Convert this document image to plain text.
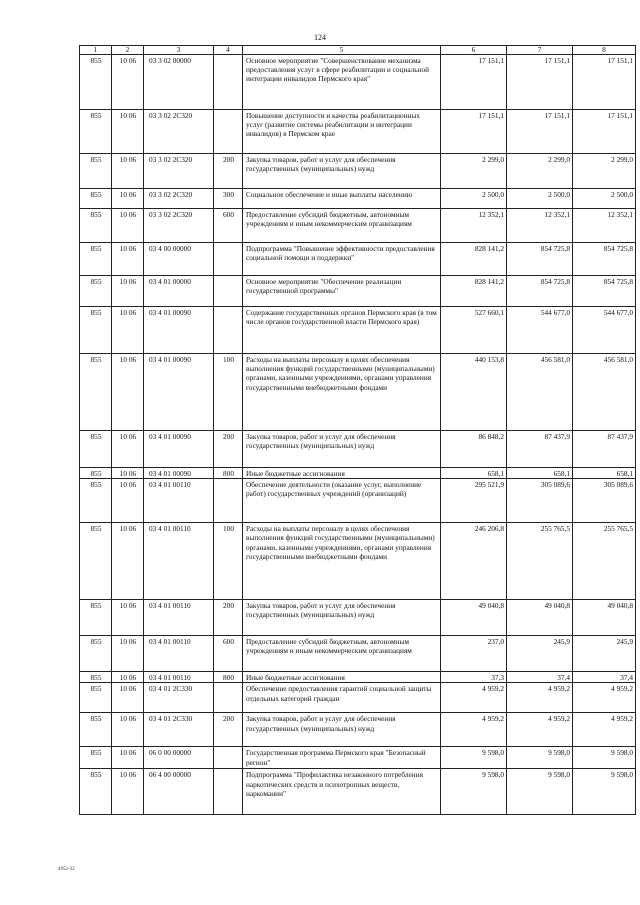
124
1	2	3	4	5	6	7	8
855	10 06	03 3 02 00000		Основное мероприятие "Совершенствование механизма предоставления услуг в сфере реабилитации и социальной интеграции инвалидов Пермского края"	17 151,1	17 151,1	17 151,1
855	10 06	03 3 02 2С320		Повышение доступности и качества реабилитационных услуг (развитие системы реабилитации и интеграции инвалидов) в Пермском крае	17 151,1	17 151,1	17 151,1
855	10 06	03 3 02 2С320	200	Закупка товаров, работ и услуг для обеспечения государственных (муниципальных) нужд	2 299,0	2 299,0	2 299,0
855	10 06	03 3 02 2С320	300	Социальное обеспечение и иные выплаты населению	2 500,0	2 500,0	2 500,0
855	10 06	03 3 02 2С320	600	Предоставление субсидий бюджетным, автономным учреждениям и иным некоммерческим организациям	12 352,1	12 352,1	12 352,1
855	10 06	03 4 00 00000		Подпрограмма "Повышение эффективности предоставления социальной помощи и поддержки"	828 141,2	854 725,8	854 725,8
855	10 06	03 4 01 00000		Основное мероприятие "Обеспечение реализации государственной программы"	828 141,2	854 725,8	854 725,8
855	10 06	03 4 01 00090		Содержание государственных органов Пермского края (в том числе органов государственной власти Пермского края)	527 660,1	544 677,0	544 677,0
855	10 06	03 4 01 00090	100	Расходы на выплаты персоналу в целях обеспечения выполнения функций государственными (муниципальными) органами, казенными учреждениями, органами управления государственными внебюджетными фондами	440 153,8	456 581,0	456 581,0
855	10 06	03 4 01 00090	200	Закупка товаров, работ и услуг для обеспечения государственных (муниципальных) нужд	86 848,2	87 437,9	87 437,9
855	10 06	03 4 01 00090	800	Иные бюджетные ассигнования	658,1	658,1	658,1
855	10 06	03 4 01 00110		Обеспечение деятельности (оказание услуг, выполнение работ) государственных учреждений (организаций)	295 521,9	305 089,6	305 089,6
855	10 06	03 4 01 00110	100	Расходы на выплаты персоналу в целях обеспечения выполнения функций государственными (муниципальными) органами, казенными учреждениями, органами управления государственными внебюджетными фондами	246 206,8	255 765,5	255 765,5
855	10 06	03 4 01 00110	200	Закупка товаров, работ и услуг для обеспечения государственных (муниципальных) нужд	49 040,8	49 040,8	49 040,8
855	10 06	03 4 01 00110	600	Предоставление субсидий бюджетным, автономным учреждениям и иным некоммерческим организациям	237,0	245,9	245,9
855	10 06	03 4 01 00110	800	Иные бюджетные ассигнования	37,3	37,4	37,4
855	10 06	03 4 01 2С330		Обеспечение предоставления гарантий социальной защиты отдельных категорий граждан	4 959,2	4 959,2	4 959,2
855	10 06	03 4 01 2С330	200	Закупка товаров, работ и услуг для обеспечения государственных (муниципальных) нужд	4 959,2	4 959,2	4 959,2
855	10 06	06 0 00 00000		Государственная программа Пермского края "Безопасный регион"	9 598,0	9 598,0	9 598,0
855	10 06	06 4 00 00000		Подпрограмма "Профилактика незаконного потребления наркотических средств и психотропных веществ, наркомании"	9 598,0	9 598,0	9 598,0
4952-32
